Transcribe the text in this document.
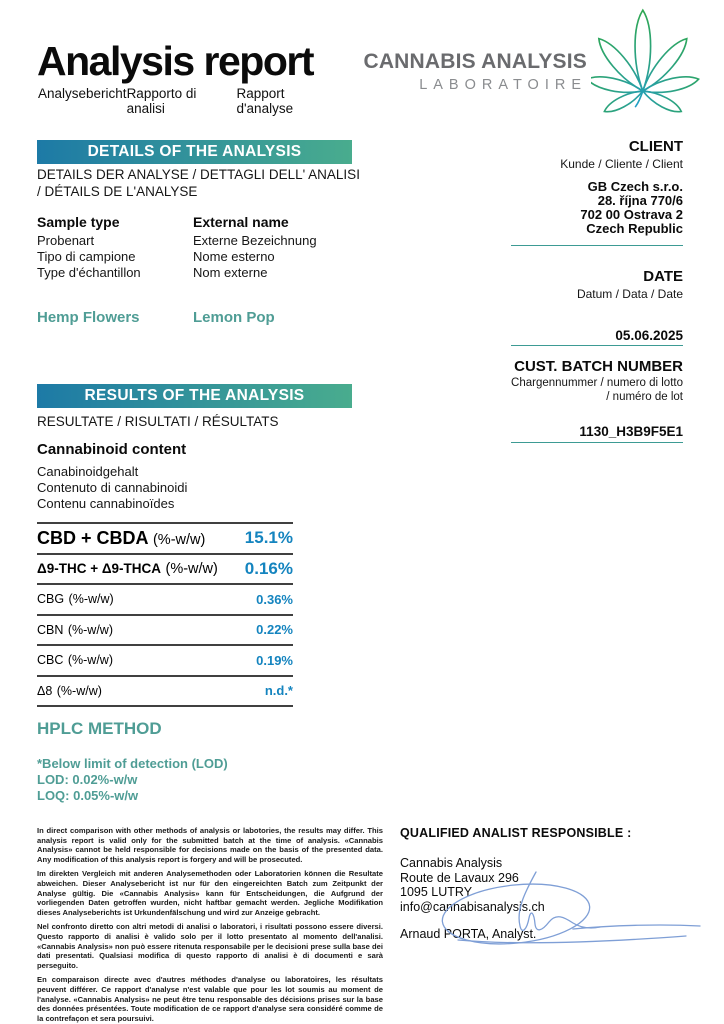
Analysis report
Analysebericht Rapporto di analisi
Rapport d'analyse
CANNABIS ANALYSIS
LABORATOIRE
DETAILS OF THE ANALYSIS
DETAILS DER ANALYSE / DETTAGLI DELL' ANALISI / DÉTAILS DE L'ANALYSE
Sample type
Probenart
Tipo di campione
Type d'échantillon
Hemp Flowers
External name
Externe Bezeichnung
Nome esterno
Nom externe
Lemon Pop
CLIENT
Kunde / Cliente / Client
GB Czech s.r.o.
28. října 770/6
702 00 Ostrava 2
Czech Republic
DATE
Datum / Data / Date
05.06.2025
CUST. BATCH NUMBER
Chargennummer / numero di lotto
/ numéro de lot
1130_H3B9F5E1
RESULTS OF THE ANALYSIS
RESULTATE / RISULTATI / RÉSULTATS
Cannabinoid content
Canabinoidgehalt
Contenuto di cannabinoidi
Contenu cannabinoïdes
CBD + CBDA (%-w/w) 15.1%
Δ9-THC + Δ9-THCA (%-w/w) 0.16%
CBG (%-w/w)	0.36%
CBN (%-w/w)	0.22%
CBC (%-w/w)	0.19%
Δ8 (%-w/w)	n.d.*
HPLC METHOD
*Below limit of detection (LOD)
LOD: 0.02%-w/w
LOQ: 0.05%-w/w

In direct comparison with other methods of analysis or labotories, the results may differ. This analysis report is valid only for the submitted batch at the time of analysis. «Cannabis Analysis» cannot be held responsible for decisions made on the basis of the presented data. Any modification of this analysis report is forgery and will be prosecuted.

Im direkten Vergleich mit anderen Analysemethoden oder Laboratorien können die Resultate abweichen. Dieser Analysebericht ist nur für den eingereichten Batch zum Zeitpunkt der Analyse gültig. Die «Cannabis Analysis» kann für Entscheidungen, die Aufgrund der vorliegenden Daten getroffen wurden, nicht haftbar gemacht werden. Jegliche Modifikation dieses Analyseberichts ist Urkundenfälschung und wird zur Anzeige gebracht.

Nel confronto diretto con altri metodi di analisi o laboratori, i risultati possono essere diversi. Questo rapporto di analisi è valido solo per il lotto presentato al momento dell'analisi. «Cannabis Analysis» non può essere ritenuta responsabile per le decisioni prese sulla base dei dati presentati. Qualsiasi modifica di questo rapporto di analisi è di documenti e sarà perseguito.

En comparaison directe avec d'autres méthodes d'analyse ou laboratoires, les résultats peuvent différer. Ce rapport d'analyse n'est valable que pour les lot soumis au moment de l'analyse. «Cannabis Analysis» ne peut être tenu responsable des décisions prises sur la base des données présentées. Toute modification de ce rapport d'analyse sera considéré comme de la contrefaçon et sera poursuivi.

QUALIFIED ANALIST RESPONSIBLE :
Cannabis Analysis
Route de Lavaux 296
1095 LUTRY
info@cannabisanalysis.ch
Arnaud PORTA, Analyst.
